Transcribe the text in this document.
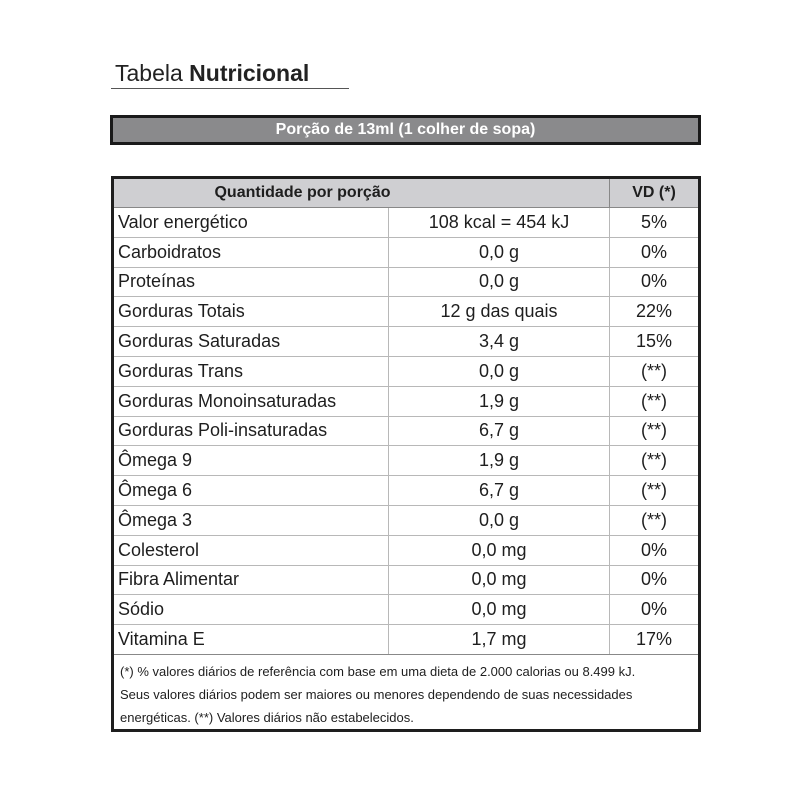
Tabela Nutricional
Porção de 13ml (1 colher de sopa)
Quantidade por porção	VD (*)
Valor energético	108 kcal = 454 kJ	5%
Carboidratos	0,0 g	0%
Proteínas	0,0 g	0%
Gorduras Totais	12 g das quais	22%
Gorduras Saturadas	3,4 g	15%
Gorduras Trans	0,0 g	(**)
Gorduras Monoinsaturadas	1,9 g	(**)
Gorduras Poli-insaturadas	6,7 g	(**)
Ômega 9	1,9 g	(**)
Ômega 6	6,7 g	(**)
Ômega 3	0,0 g	(**)
Colesterol	0,0 mg	0%
Fibra Alimentar	0,0 mg	0%
Sódio	0,0 mg	0%
Vitamina E	1,7 mg	17%
(*) % valores diários de referência com base em uma dieta de 2.000 calorias ou 8.499 kJ.
Seus valores diários podem ser maiores ou menores dependendo de suas necessidades
energéticas. (**) Valores diários não estabelecidos.
